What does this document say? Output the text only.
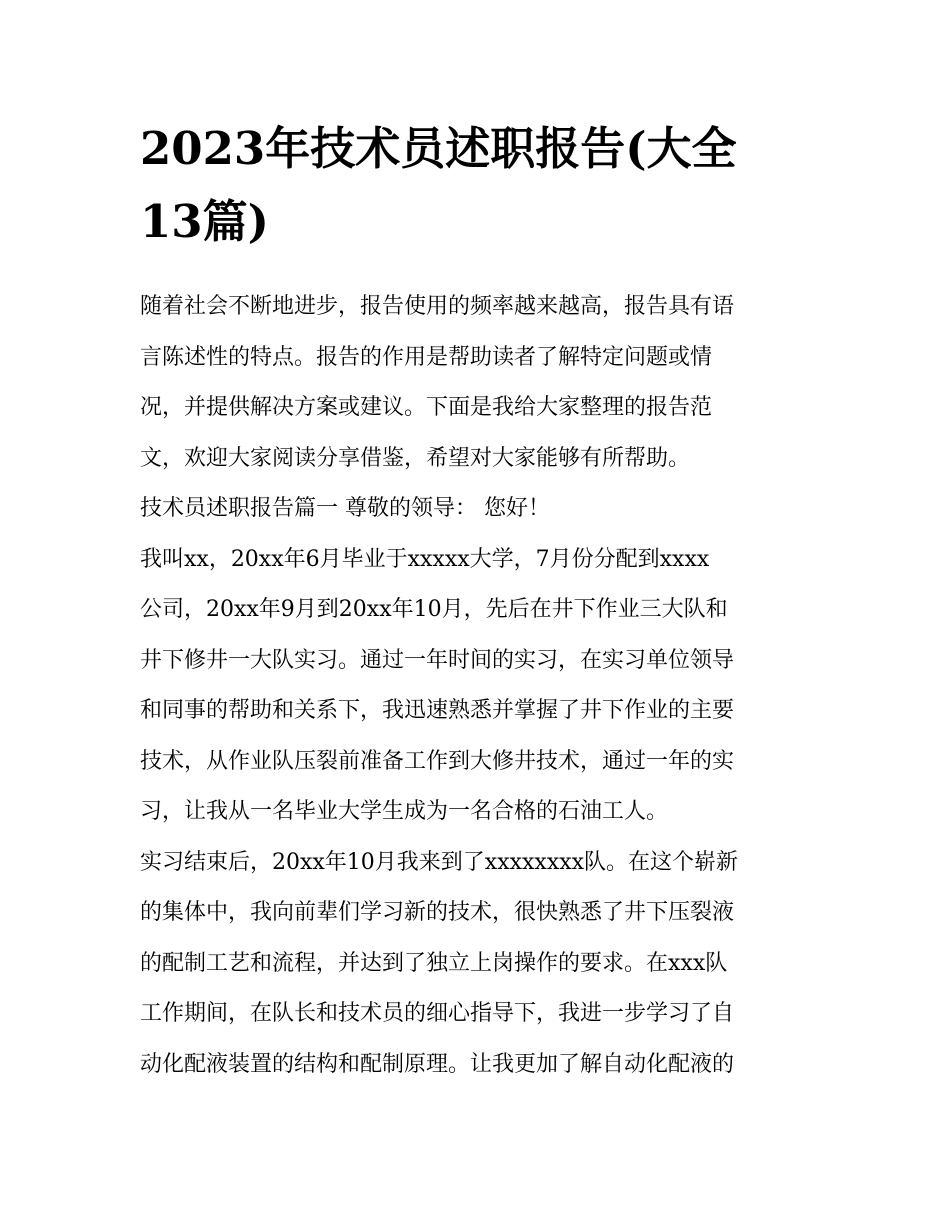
2023年技术员述职报告(大全
13篇)

随着社会不断地进步，报告使用的频率越来越高，报告具有语
言陈述性的特点。报告的作用是帮助读者了解特定问题或情
况，并提供解决方案或建议。下面是我给大家整理的报告范
文，欢迎大家阅读分享借鉴，希望对大家能够有所帮助。

技术员述职报告篇一 尊敬的领导： 您好！

我叫xx，20xx年6月毕业于xxxxx大学，7月份分配到xxxx
公司，20xx年9月到20xx年10月，先后在井下作业三大队和
井下修井一大队实习。通过一年时间的实习，在实习单位领导
和同事的帮助和关系下，我迅速熟悉并掌握了井下作业的主要
技术，从作业队压裂前准备工作到大修井技术，通过一年的实
习，让我从一名毕业大学生成为一名合格的石油工人。

实习结束后，20xx年10月我来到了xxxxxxxx队。在这个崭新
的集体中，我向前辈们学习新的技术，很快熟悉了井下压裂液
的配制工艺和流程，并达到了独立上岗操作的要求。在xxx队
工作期间，在队长和技术员的细心指导下，我进一步学习了自
动化配液装置的结构和配制原理。让我更加了解自动化配液的
